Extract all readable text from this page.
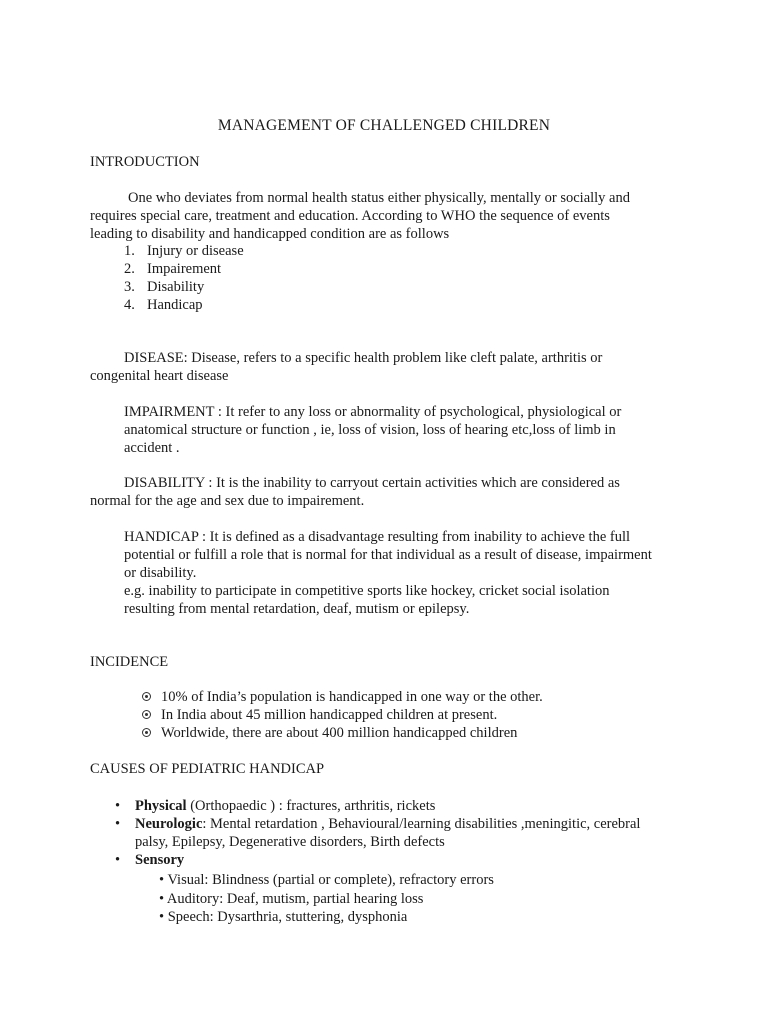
MANAGEMENT OF CHALLENGED CHILDREN
INTRODUCTION
One who deviates from normal health status either physically, mentally or socially and
requires special care, treatment and education. According to WHO the sequence of events
leading to disability and handicapped condition are as follows
1. Injury or disease
2. Impairement
3. Disability
4. Handicap
DISEASE: Disease, refers to a specific health problem like cleft palate, arthritis or
congenital heart disease
IMPAIRMENT : It refer to any loss or abnormality of psychological, physiological or
anatomical structure or function , ie, loss of vision, loss of hearing etc,loss of limb in
accident .
DISABILITY : It is the inability to carryout certain activities which are considered as
normal for the age and sex due to impairement.
HANDICAP : It is defined as a disadvantage resulting from inability to achieve the full
potential or fulfill a role that is normal for that individual as a result of disease, impairment
or disability.
e.g. inability to participate in competitive sports like hockey, cricket social isolation
resulting from mental retardation, deaf, mutism or epilepsy.
INCIDENCE
10% of India’s population is handicapped in one way or the other.
In India about 45 million handicapped children at present.
Worldwide, there are about 400 million handicapped children
CAUSES OF PEDIATRIC HANDICAP
• Physical (Orthopaedic ) : fractures, arthritis, rickets
• Neurologic: Mental retardation , Behavioural/learning disabilities ,meningitic, cerebral
palsy, Epilepsy, Degenerative disorders, Birth defects
• Sensory
• Visual: Blindness (partial or complete), refractory errors
• Auditory: Deaf, mutism, partial hearing loss
• Speech: Dysarthria, stuttering, dysphonia
